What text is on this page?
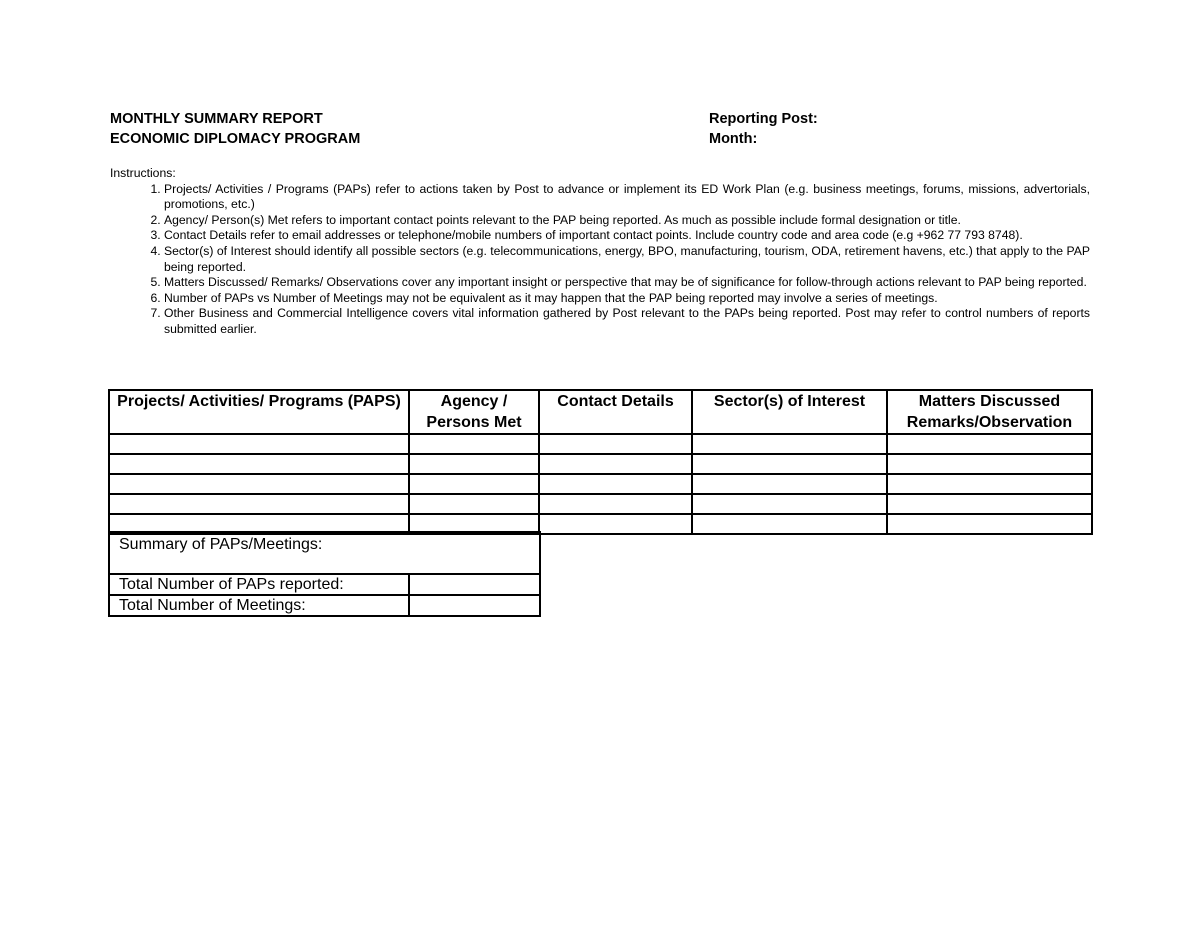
MONTHLY SUMMARY REPORT
ECONOMIC DIPLOMACY PROGRAM
Reporting Post:
Month:
Instructions:
1. Projects/ Activities / Programs (PAPs) refer to actions taken by Post to advance or implement its ED Work Plan (e.g. business meetings, forums, missions, advertorials, promotions, etc.)
2. Agency/ Person(s) Met refers to important contact points relevant to the PAP being reported. As much as possible include formal designation or title.
3. Contact Details refer to email addresses or telephone/mobile numbers of important contact points. Include country code and area code (e.g +962 77 793 8748).
4. Sector(s) of Interest should identify all possible sectors (e.g. telecommunications, energy, BPO, manufacturing, tourism, ODA, retirement havens, etc.) that apply to the PAP being reported.
5. Matters Discussed/ Remarks/ Observations cover any important insight or perspective that may be of significance for follow-through actions relevant to PAP being reported.
6. Number of PAPs vs Number of Meetings may not be equivalent as it may happen that the PAP being reported may involve a series of meetings.
7. Other Business and Commercial Intelligence covers vital information gathered by Post relevant to the PAPs being reported. Post may refer to control numbers of reports submitted earlier.
Projects/ Activities/ Programs (PAPS)	Agency / Persons Met	Contact Details	Sector(s) of Interest	Matters Discussed Remarks/Observation

Summary of PAPs/Meetings:	
Total Number of PAPs reported:	
Total Number of Meetings:	
